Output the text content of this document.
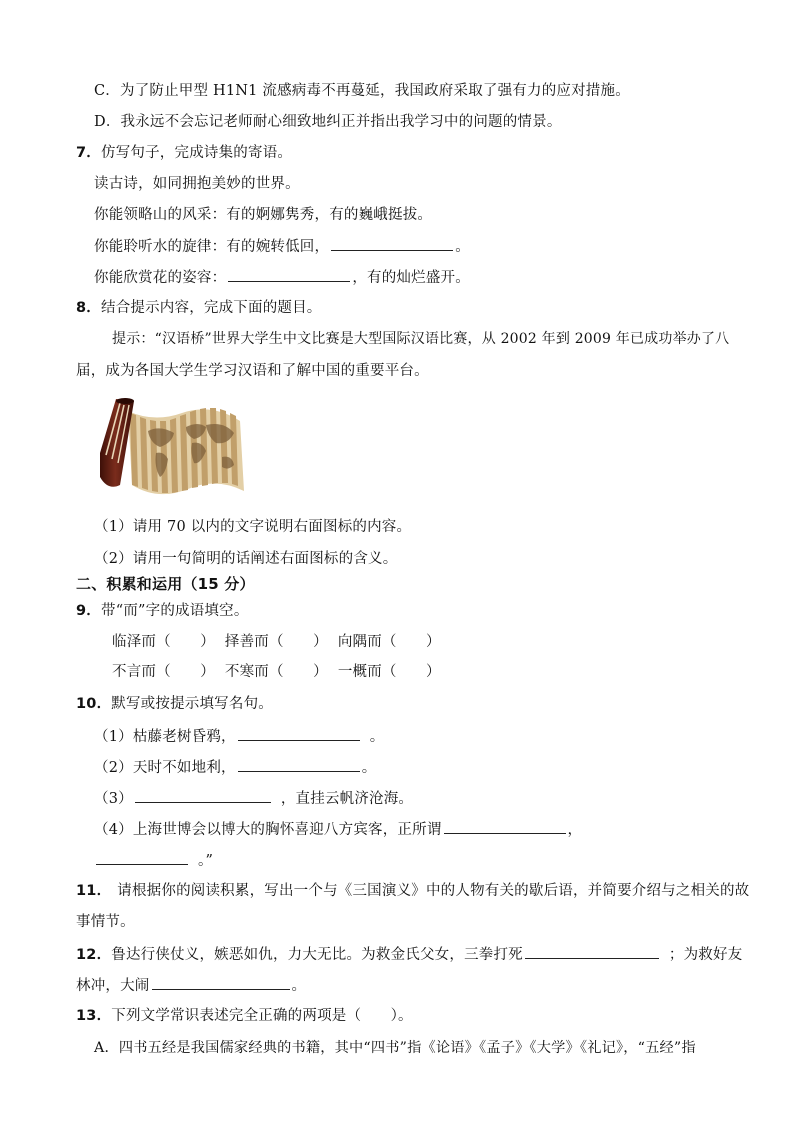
C．为了防止甲型 H1N1 流感病毒不再蔓延，我国政府采取了强有力的应对措施。
D．我永远不会忘记老师耐心细致地纠正并指出我学习中的问题的情景。
7．仿写句子，完成诗集的寄语。
读古诗，如同拥抱美妙的世界。
你能领略山的风采：有的婀娜隽秀，有的巍峨挺拔。
你能聆听水的旋律：有的婉转低回，	。
你能欣赏花的姿容：	，有的灿烂盛开。
8．结合提示内容，完成下面的题目。
提示：“汉语桥”世界大学生中文比赛是大型国际汉语比赛，从 2002 年到 2009 年已成功举办了八
届，成为各国大学生学习汉语和了解中国的重要平台。
（1）请用 70 以内的文字说明右面图标的内容。
（2）请用一句简明的话阐述右面图标的含义。
二、积累和运用（15 分）
9．带“而”字的成语填空。
临泽而（　　） 择善而（　　） 向隅而（　　）
不言而（　　） 不寒而（　　） 一概而（　　）
10．默写或按提示填写名句。
（1）枯藤老树昏鸦，	。
（2）天时不如地利，	。
（3）	，直挂云帆济沧海。
（4）上海世博会以博大的胸怀喜迎八方宾客，正所谓	，
。”
11． 请根据你的阅读积累，写出一个与《三国演义》中的人物有关的歇后语，并简要介绍与之相关的故
事情节。
12．鲁达行侠仗义，嫉恶如仇，力大无比。为救金氏父女，三拳打死	；为救好友
林冲，大闹	。
13．下列文学常识表述完全正确的两项是（　　）。
A．四书五经是我国儒家经典的书籍，其中“四书”指《论语》《孟子》《大学》《礼记》，“五经”指
